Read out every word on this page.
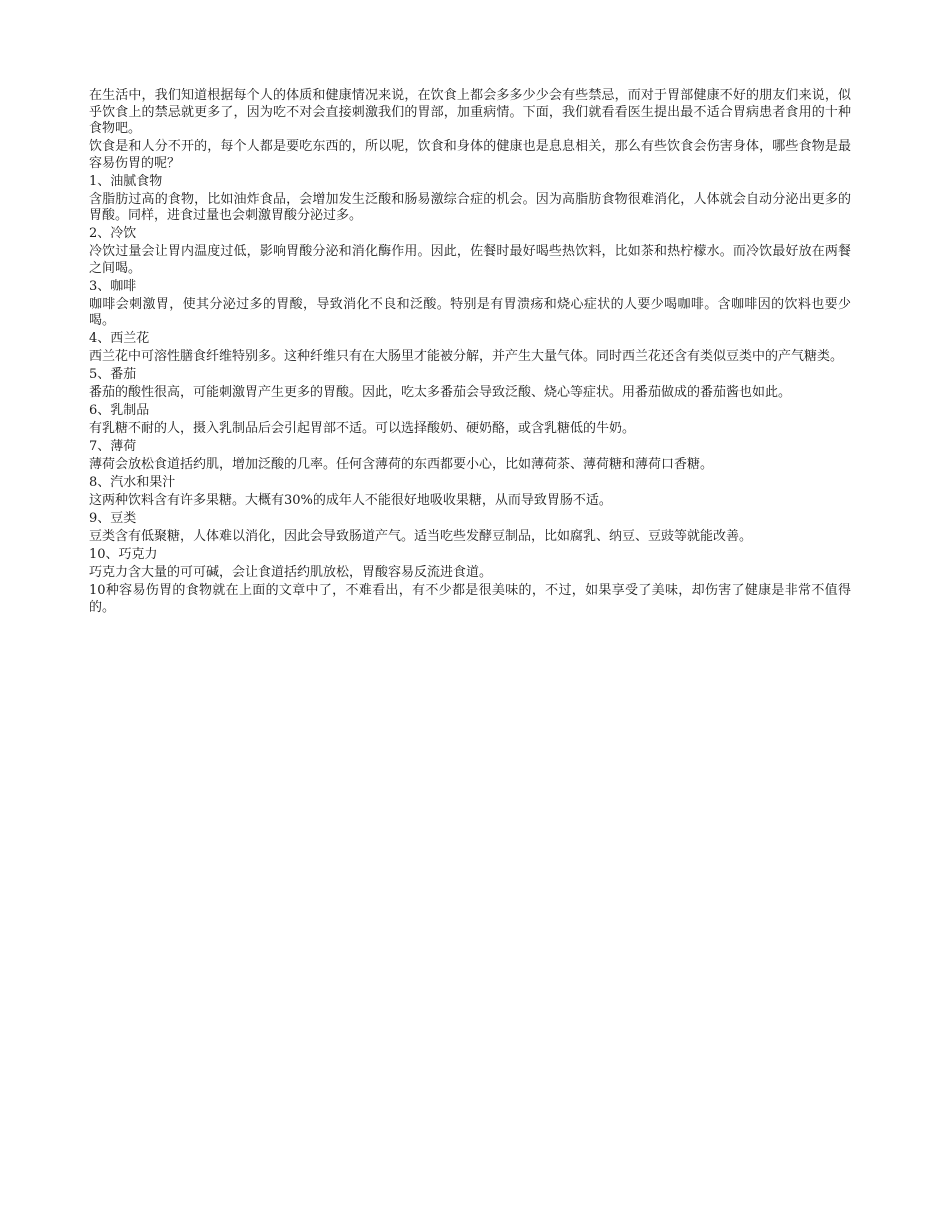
在生活中，我们知道根据每个人的体质和健康情况来说，在饮食上都会多多少少会有些禁忌，而对于胃部健康不好的朋友们来说，似乎饮食上的禁忌就更多了，因为吃不对会直接刺激我们的胃部，加重病情。下面，我们就看看医生提出最不适合胃病患者食用的十种食物吧。

饮食是和人分不开的，每个人都是要吃东西的，所以呢，饮食和身体的健康也是息息相关，那么有些饮食会伤害身体，哪些食物是最容易伤胃的呢？

1、油腻食物

含脂肪过高的食物，比如油炸食品，会增加发生泛酸和肠易激综合症的机会。因为高脂肪食物很难消化，人体就会自动分泌出更多的胃酸。同样，进食过量也会刺激胃酸分泌过多。

2、冷饮

冷饮过量会让胃内温度过低，影响胃酸分泌和消化酶作用。因此，佐餐时最好喝些热饮料，比如茶和热柠檬水。而冷饮最好放在两餐之间喝。

3、咖啡

咖啡会刺激胃，使其分泌过多的胃酸，导致消化不良和泛酸。特别是有胃溃疡和烧心症状的人要少喝咖啡。含咖啡因的饮料也要少喝。

4、西兰花

西兰花中可溶性膳食纤维特别多。这种纤维只有在大肠里才能被分解，并产生大量气体。同时西兰花还含有类似豆类中的产气糖类。

5、番茄

番茄的酸性很高，可能刺激胃产生更多的胃酸。因此，吃太多番茄会导致泛酸、烧心等症状。用番茄做成的番茄酱也如此。

6、乳制品

有乳糖不耐的人，摄入乳制品后会引起胃部不适。可以选择酸奶、硬奶酪，或含乳糖低的牛奶。

7、薄荷

薄荷会放松食道括约肌，增加泛酸的几率。任何含薄荷的东西都要小心，比如薄荷茶、薄荷糖和薄荷口香糖。

8、汽水和果汁

这两种饮料含有许多果糖。大概有30%的成年人不能很好地吸收果糖，从而导致胃肠不适。

9、豆类

豆类含有低聚糖，人体难以消化，因此会导致肠道产气。适当吃些发酵豆制品，比如腐乳、纳豆、豆豉等就能改善。

10、巧克力

巧克力含大量的可可碱，会让食道括约肌放松，胃酸容易反流进食道。

10种容易伤胃的食物就在上面的文章中了，不难看出，有不少都是很美味的，不过，如果享受了美味，却伤害了健康是非常不值得的。
